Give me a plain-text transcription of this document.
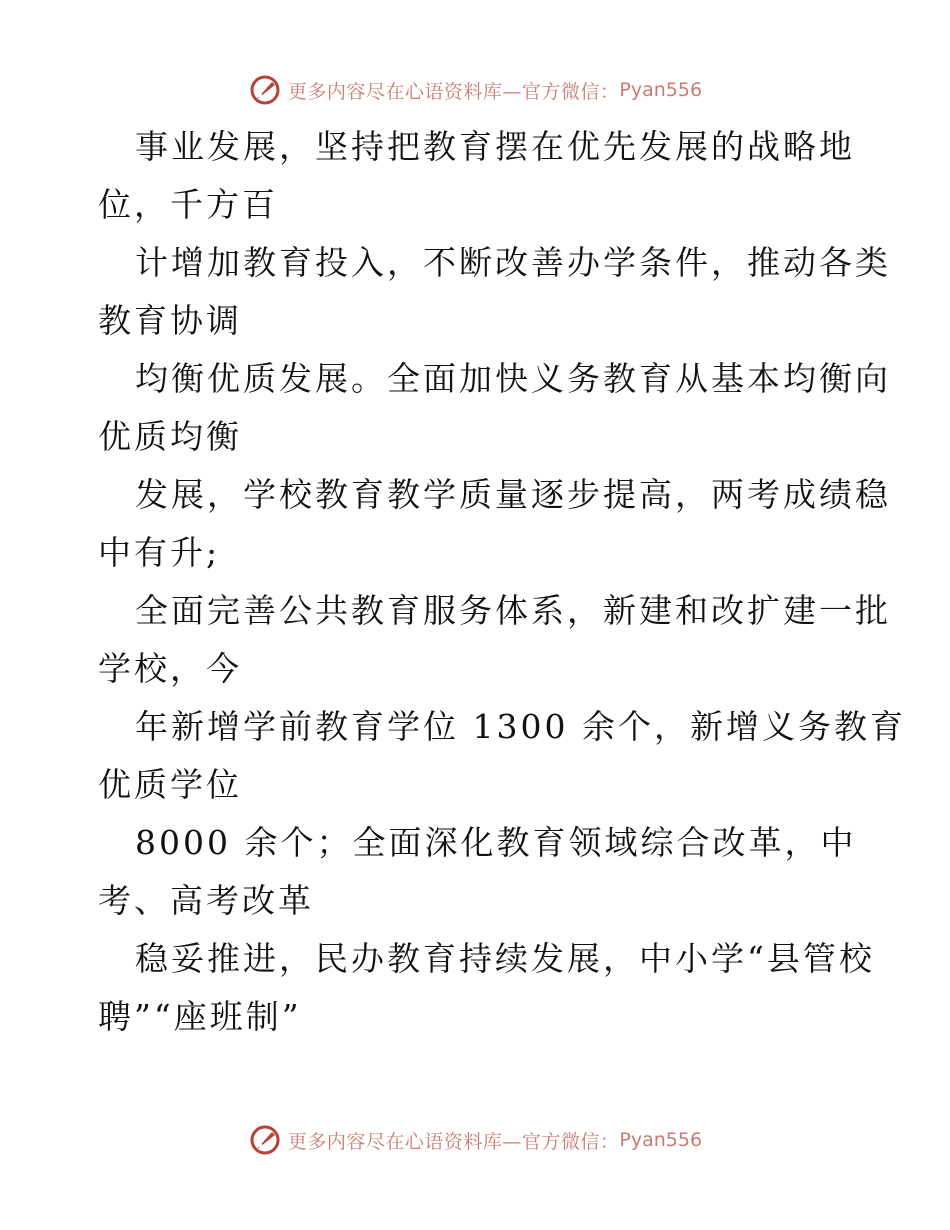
更多内容尽在心语资料库—官方微信： Pyan556
事业发展，坚持把教育摆在优先发展的战略地
位，千方百
计增加教育投入，不断改善办学条件，推动各类
教育协调
均衡优质发展。全面加快义务教育从基本均衡向
优质均衡
发展，学校教育教学质量逐步提高，两考成绩稳
中有升;
全面完善公共教育服务体系，新建和改扩建一批
学校，今
年新增学前教育学位 1300 余个，新增义务教育
优质学位
8000 余个；全面深化教育领域综合改革，中
考、高考改革
稳妥推进，民办教育持续发展，中小学“县管校
聘”“座班制”
更多内容尽在心语资料库—官方微信： Pyan556
